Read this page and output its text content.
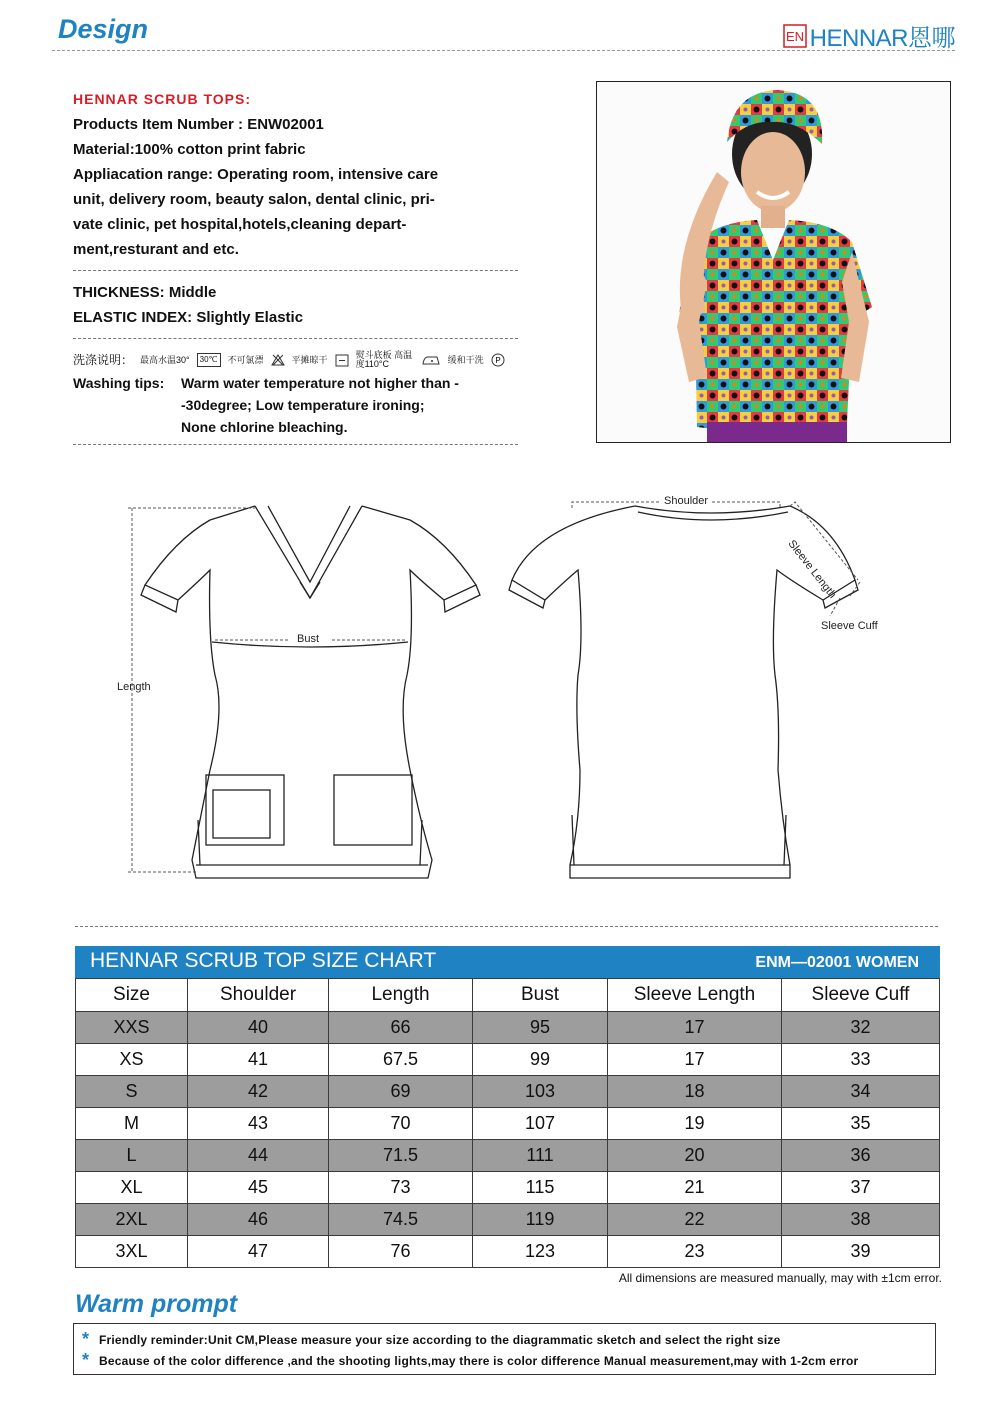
Design	EN HENNAR恩哪
HENNAR SCRUB TOPS:
Products Item Number : ENW02001
Material:100% cotton print fabric
Appliacation range: Operating room, intensive care
unit, delivery room, beauty salon, dental clinic, pri-
vate clinic, pet hospital,hotels,cleaning depart-
ment,resturant and etc.
THICKNESS: Middle
ELASTIC INDEX: Slightly Elastic
洗涤说明： 最高水温30°	30℃	不可氯漂	平摊晾干	熨斗底板 高温度110°C	缓和干洗 P
Washing tips:	Warm water temperature not higher than -
-30degree; Low temperature ironing;
None chlorine bleaching.
Length
Bust
Shoulder
Sleeve Length
Sleeve Cuff
HENNAR SCRUB TOP SIZE CHART	ENM—02001 WOMEN
Size	Shoulder	Length	Bust	Sleeve Length	Sleeve Cuff
XXS	40	66	95	17	32
XS	41	67.5	99	17	33
S	42	69	103	18	34
M	43	70	107	19	35
L	44	71.5	111	20	36
XL	45	73	115	21	37
2XL	46	74.5	119	22	38
3XL	47	76	123	23	39
All dimensions are measured manually, may with ±1cm error.
Warm prompt
* Friendly reminder:Unit CM,Please measure your size according to the diagrammatic sketch and select the right size
* Because of the color difference ,and the shooting lights,may there is color difference Manual measurement,may with 1-2cm error
